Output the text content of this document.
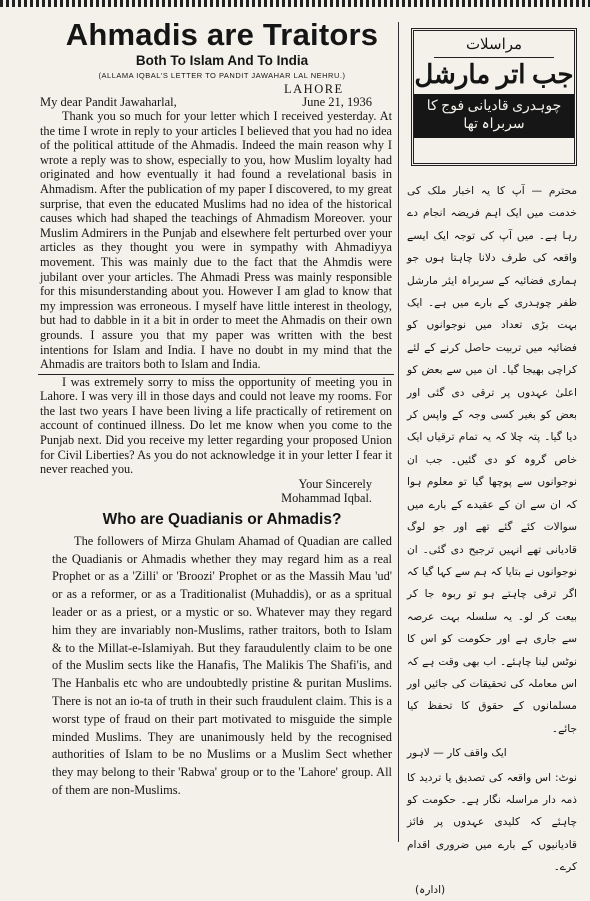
Ahmadis are Traitors
Both To Islam And To India
(ALLAMA IQBAL'S LETTER TO PANDIT JAWAHAR LAL NEHRU.)
LAHORE
My dear Pandit Jawaharlal,	June 21, 1936

Thank you so much for your letter which I received yesterday. At the time I wrote in reply to your articles I believed that you had no idea of the political attitude of the Ahmadis. Indeed the main reason why I wrote a reply was to show, especially to you, how Muslim loyalty had originated and how eventually it had found a revelational basis in Ahmadism. After the publication of my paper I discovered, to my great surprise, that even the educated Muslims had no idea of the historical causes which had shaped the teachings of Ahmadism Moreover. your Muslim Admirers in the Punjab and elsewhere felt perturbed over your articles as they thought you were in sympathy with Ahmadiyya movement. This was mainly due to the fact that the Ahmdis were jubilant over your articles. The Ahmadi Press was mainly responsible for this misunderstanding about you. However I am glad to know that my impression was erroneous. I myself have little interest in theology, but had to dabble in it a bit in order to meet the Ahmadis on their own grounds. I assure you that my paper was written with the best intentions for Islam and India. I have no doubt in my mind that the Ahmadis are traitors both to Islam and India.

I was extremely sorry to miss the opportunity of meeting you in Lahore. I was very ill in those days and could not leave my rooms. For the last two years I have been living a life practically of retirement on account of continued illness. Do let me know when you come to the Punjab next. Did you receive my letter regarding your proposed Union for Civil Liberties? As you do not acknowledge it in your letter I fear it never reached you.

Your Sincerely
Mohammad Iqbal.
Who are Quadianis or Ahmadis?

The followers of Mirza Ghulam Ahamad of Quadian are called the Quadianis or Ahmadis whether they may regard him as a real Prophet or as a 'Zilli' or 'Broozi' Prophet or as the Massih Mau 'ud' or as a reformer, or as a Traditionalist (Muhaddis), or as a spritual leader or as a priest, or a mystic or so. Whatever may they regard him they are invariably non-Muslims, rather traitors, both to Islam & to the Millat-e-Islamiyah. But they faraudulently claim to be one of the Muslim sects like the Hanafis, The Malikis The Shafi'is, and The Hanbalis etc who are undoubtedly pristine & puritan Muslims. There is not an io-ta of truth in their such fraudulent claim. This is a worst type of fraud on their part motivated to misguide the simple minded Muslims. They are unanimously held by the recognised authorities of Islam to be no Muslims or a Muslim Sect whether they may belong to their 'Rabwa' group or to the 'Lahore' group. All of them are non-Muslims.

مراسلات
جب اتر مارشل
چوہدری قادیانی فوج کا سربراہ تھا
محترم — آپ کا یہ اخبار ملک کی خدمت میں ایک اہم فریضہ انجام دے رہا ہے۔ میں آپ کی توجہ ایک ایسے واقعہ کی طرف دلانا چاہتا ہوں جو ہماری فضائیہ کے سربراہ ایئر مارشل ظفر چوہدری کے بارے میں ہے۔ ایک بہت بڑی تعداد میں نوجوانوں کو فضائیہ میں تربیت حاصل کرنے کے لئے کراچی بھیجا گیا۔ ان میں سے بعض کو اعلیٰ عہدوں پر ترقی دی گئی اور بعض کو بغیر کسی وجہ کے واپس کر دیا گیا۔ پتہ چلا کہ یہ تمام ترقیاں ایک خاص گروہ کو دی گئیں۔ جب ان نوجوانوں سے پوچھا گیا تو معلوم ہوا کہ ان سے ان کے عقیدے کے بارے میں سوالات کئے گئے تھے اور جو لوگ قادیانی تھے انہیں ترجیح دی گئی۔ ان نوجوانوں نے بتایا کہ ہم سے کہا گیا کہ اگر ترقی چاہتے ہو تو ربوہ جا کر بیعت کر لو۔ یہ سلسلہ بہت عرصہ سے جاری ہے اور حکومت کو اس کا نوٹس لینا چاہئے۔ اب بھی وقت ہے کہ اس معاملہ کی تحقیقات کی جائیں اور مسلمانوں کے حقوق کا تحفظ کیا جائے۔
ایک واقف کار — لاہور
نوٹ: اس واقعہ کی تصدیق یا تردید کا ذمہ دار مراسلہ نگار ہے۔ حکومت کو چاہئے کہ کلیدی عہدوں پر فائز قادیانیوں کے بارے میں ضروری اقدام کرے۔
(ادارہ)
